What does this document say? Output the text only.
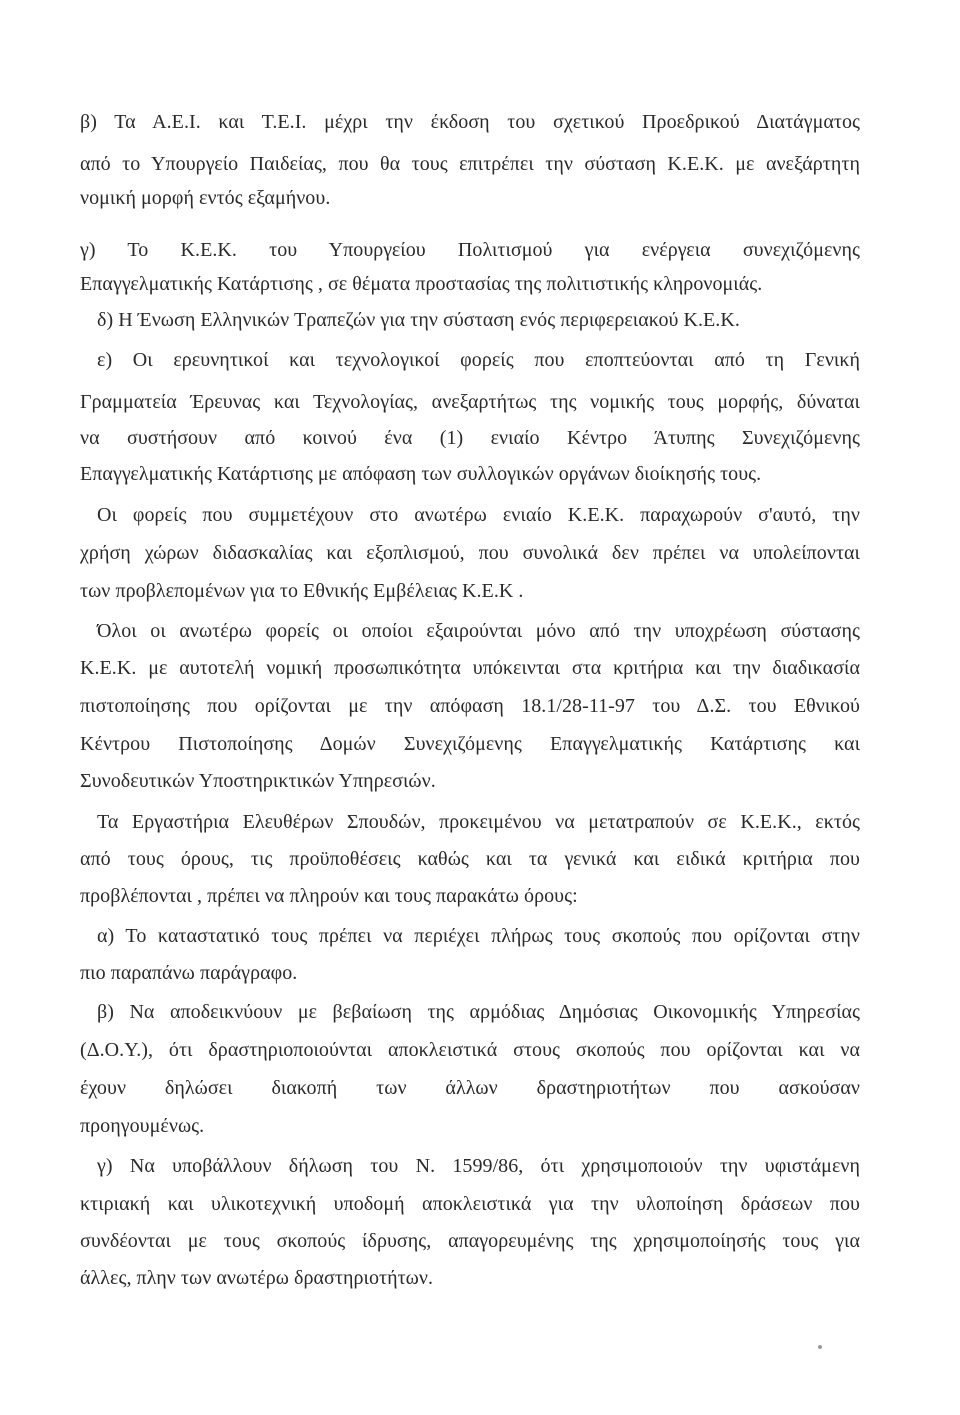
β) Τα Α.Ε.Ι. και Τ.Ε.Ι. μέχρι την έκδοση του σχετικού Προεδρικού Διατάγματος
από το Υπουργείο Παιδείας, που θα τους επιτρέπει την σύσταση Κ.Ε.Κ. με ανεξάρτητη
νομική μορφή εντός εξαμήνου.
γ) Το Κ.Ε.Κ. του Υπουργείου Πολιτισμού για ενέργεια συνεχιζόμενης
Επαγγελματικής Κατάρτισης , σε θέματα προστασίας της πολιτιστικής κληρονομιάς.
δ) Η Ένωση Ελληνικών Τραπεζών για την σύσταση ενός περιφερειακού Κ.Ε.Κ.
ε) Οι ερευνητικοί και τεχνολογικοί φορείς που εποπτεύονται από τη Γενική
Γραμματεία Έρευνας και Τεχνολογίας, ανεξαρτήτως της νομικής τους μορφής, δύναται
να συστήσουν από κοινού ένα (1) ενιαίο Κέντρο Άτυπης Συνεχιζόμενης
Επαγγελματικής Κατάρτισης με απόφαση των συλλογικών οργάνων διοίκησής τους.
Οι φορείς που συμμετέχουν στο ανωτέρω ενιαίο Κ.Ε.Κ. παραχωρούν σ'αυτό, την
χρήση χώρων διδασκαλίας και εξοπλισμού, που συνολικά δεν πρέπει να υπολείπονται
των προβλεπομένων για το Εθνικής Εμβέλειας Κ.Ε.Κ .
Όλοι οι ανωτέρω φορείς οι οποίοι εξαιρούνται μόνο από την υποχρέωση σύστασης
Κ.Ε.Κ. με αυτοτελή νομική προσωπικότητα υπόκεινται στα κριτήρια και την διαδικασία
πιστοποίησης που ορίζονται με την απόφαση 18.1/28-11-97 του Δ.Σ. του Εθνικού
Κέντρου Πιστοποίησης Δομών Συνεχιζόμενης Επαγγελματικής Κατάρτισης και
Συνοδευτικών Υποστηρικτικών Υπηρεσιών.
Τα Εργαστήρια Ελευθέρων Σπουδών, προκειμένου να μετατραπούν σε Κ.Ε.Κ., εκτός
από τους όρους, τις προϋποθέσεις καθώς και τα γενικά και ειδικά κριτήρια που
προβλέπονται , πρέπει να πληρούν και τους παρακάτω όρους:
α) Το καταστατικό τους πρέπει να περιέχει πλήρως τους σκοπούς που ορίζονται στην
πιο παραπάνω παράγραφο.
β) Να αποδεικνύουν με βεβαίωση της αρμόδιας Δημόσιας Οικονομικής Υπηρεσίας
(Δ.Ο.Υ.), ότι δραστηριοποιούνται αποκλειστικά στους σκοπούς που ορίζονται και να
έχουν δηλώσει διακοπή των άλλων δραστηριοτήτων που ασκούσαν
προηγουμένως.
γ) Να υποβάλλουν δήλωση του Ν. 1599/86, ότι χρησιμοποιούν την υφιστάμενη
κτιριακή και υλικοτεχνική υποδομή αποκλειστικά για την υλοποίηση δράσεων που
συνδέονται με τους σκοπούς ίδρυσης, απαγορευμένης της χρησιμοποίησής τους για
άλλες, πλην των ανωτέρω δραστηριοτήτων.
